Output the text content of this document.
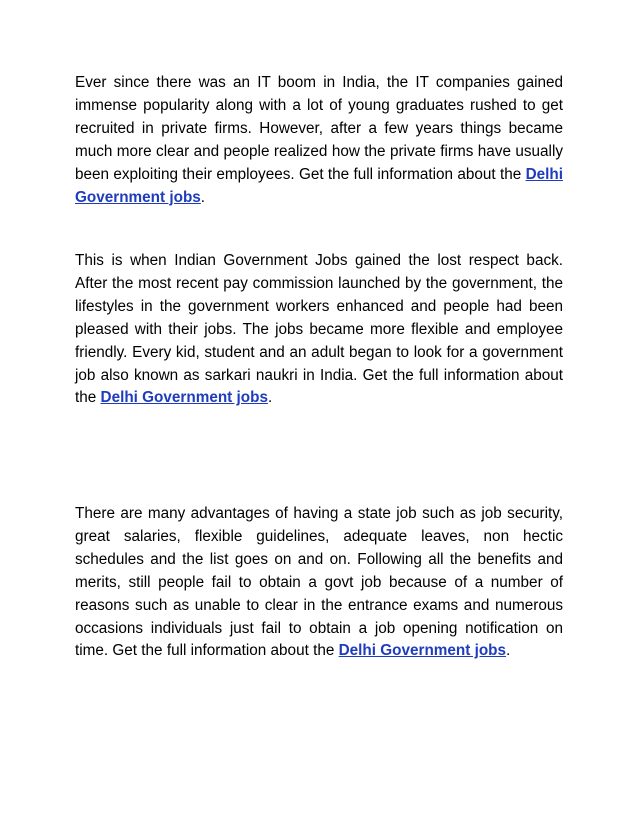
Ever since there was an IT boom in India, the IT companies gained immense popularity along with a lot of young graduates rushed to get recruited in private firms. However, after a few years things became much more clear and people realized how the private firms have usually been exploiting their employees. Get the full information about the Delhi Government jobs.

This is when Indian Government Jobs gained the lost respect back. After the most recent pay commission launched by the government, the lifestyles in the government workers enhanced and people had been pleased with their jobs. The jobs became more flexible and employee friendly. Every kid, student and an adult began to look for a government job also known as sarkari naukri in India. Get the full information about the Delhi Government jobs.

There are many advantages of having a state job such as job security, great salaries, flexible guidelines, adequate leaves, non hectic schedules and the list goes on and on. Following all the benefits and merits, still people fail to obtain a govt job because of a number of reasons such as unable to clear in the entrance exams and numerous occasions individuals just fail to obtain a job opening notification on time. Get the full information about the Delhi Government jobs.
